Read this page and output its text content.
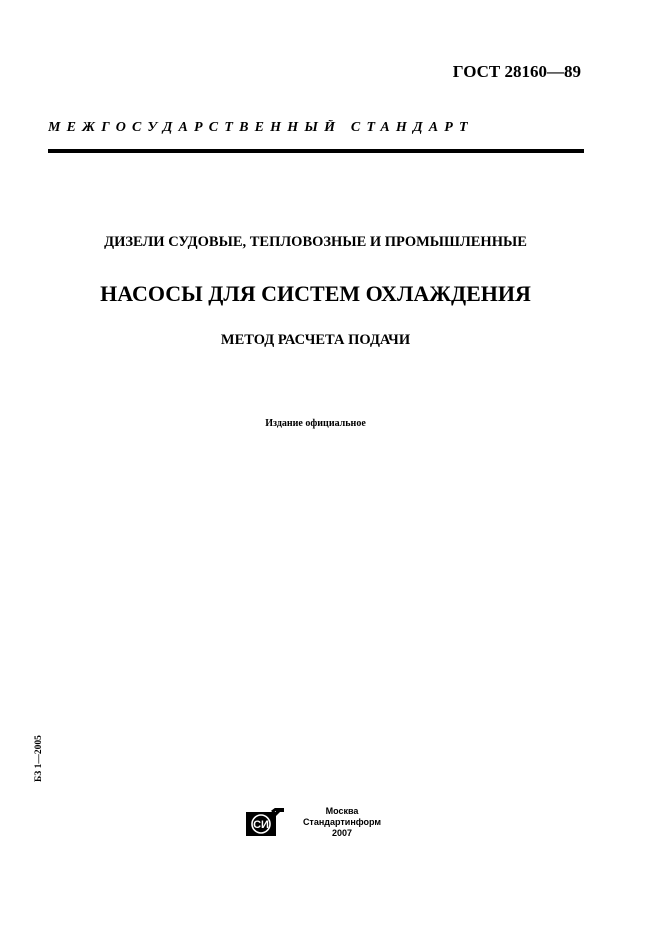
ГОСТ 28160—89
МЕЖГОСУДАРСТВЕННЫЙ СТАНДАРТ
ДИЗЕЛИ СУДОВЫЕ, ТЕПЛОВОЗНЫЕ И ПРОМЫШЛЕННЫЕ
НАСОСЫ ДЛЯ СИСТЕМ ОХЛАЖДЕНИЯ
МЕТОД РАСЧЕТА ПОДАЧИ
Издание официальное
БЗ 1—2005
СИ
Москва
Стандартинформ
2007
